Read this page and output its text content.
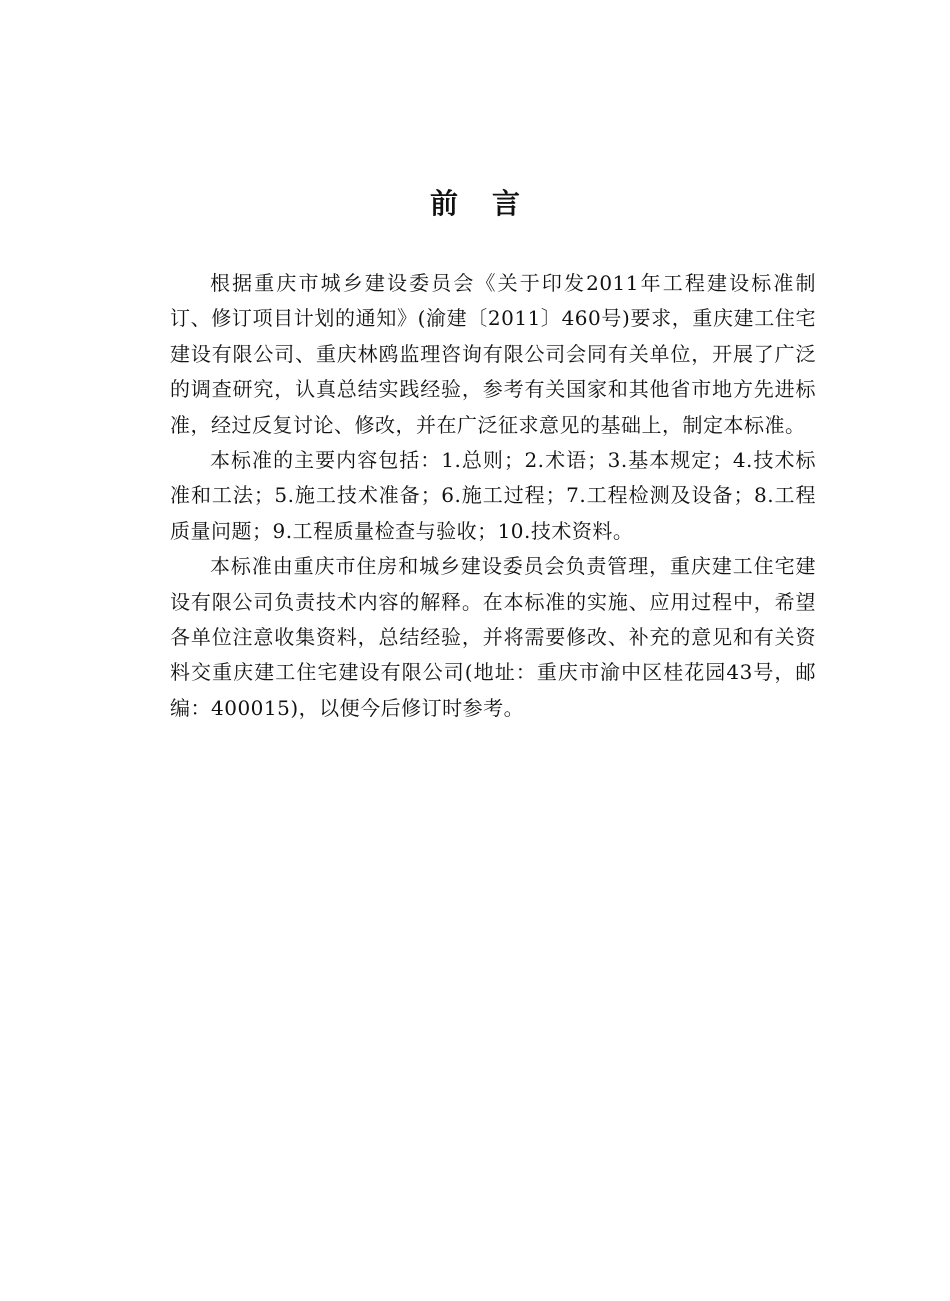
前 言

根据重庆市城乡建设委员会《关于印发2011年工程建设标准制订、修订项目计划的通知》(渝建〔2011〕460号)要求，重庆建工住宅建设有限公司、重庆林鸥监理咨询有限公司会同有关单位，开展了广泛的调查研究，认真总结实践经验，参考有关国家和其他省市地方先进标准，经过反复讨论、修改，并在广泛征求意见的基础上，制定本标准。

本标准的主要内容包括：1.总则；2.术语；3.基本规定；4.技术标准和工法；5.施工技术准备；6.施工过程；7.工程检测及设备；8.工程质量问题；9.工程质量检查与验收；10.技术资料。

本标准由重庆市住房和城乡建设委员会负责管理，重庆建工住宅建设有限公司负责技术内容的解释。在本标准的实施、应用过程中，希望各单位注意收集资料，总结经验，并将需要修改、补充的意见和有关资料交重庆建工住宅建设有限公司(地址：重庆市渝中区桂花园43号，邮编：400015)，以便今后修订时参考。
